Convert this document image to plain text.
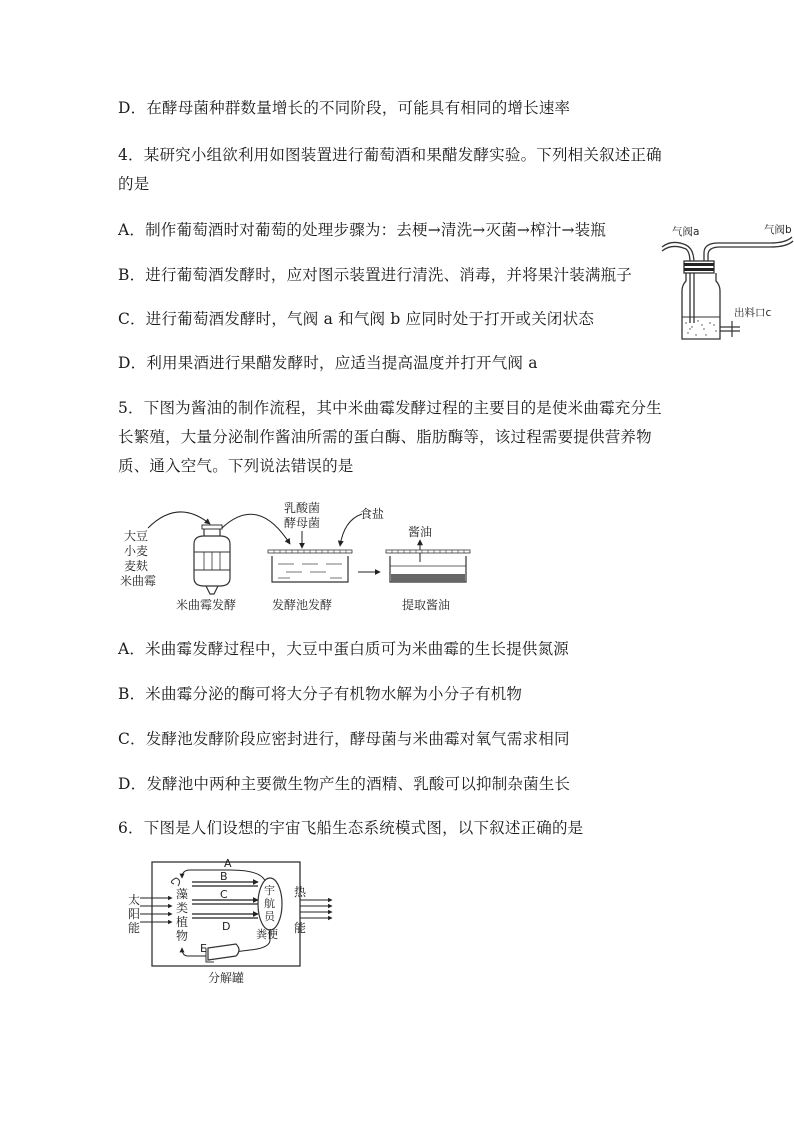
D．在酵母菌种群数量增长的不同阶段，可能具有相同的增长速率
4．某研究小组欲利用如图装置进行葡萄酒和果醋发酵实验。下列相关叙述正确
的是
A．制作葡萄酒时对葡萄的处理步骤为：去梗→清洗→灭菌→榨汁→装瓶
B．进行葡萄酒发酵时，应对图示装置进行清洗、消毒，并将果汁装满瓶子
C．进行葡萄酒发酵时，气阀 a 和气阀 b 应同时处于打开或关闭状态
D．利用果酒进行果醋发酵时，应适当提高温度并打开气阀 a
气阀a	气阀b
出料口c
5．下图为酱油的制作流程，其中米曲霉发酵过程的主要目的是使米曲霉充分生
长繁殖，大量分泌制作酱油所需的蛋白酶、脂肪酶等，该过程需要提供营养物
质、通入空气。下列说法错误的是
大豆
小麦
麦麸
米曲霉
米曲霉发酵
乳酸菌
酵母菌
食盐
发酵池发酵
酱油
提取酱油
A．米曲霉发酵过程中，大豆中蛋白质可为米曲霉的生长提供氮源
B．米曲霉分泌的酶可将大分子有机物水解为小分子有机物
C．发酵池发酵阶段应密封进行，酵母菌与米曲霉对氧气需求相同
D．发酵池中两种主要微生物产生的酒精、乳酸可以抑制杂菌生长
6．下图是人们设想的宇宙飞船生态系统模式图，以下叙述正确的是
太
阳
能
藻
类
植
物
A
B
C
D
宇
航
员
粪便
E
分解罐
热
能
